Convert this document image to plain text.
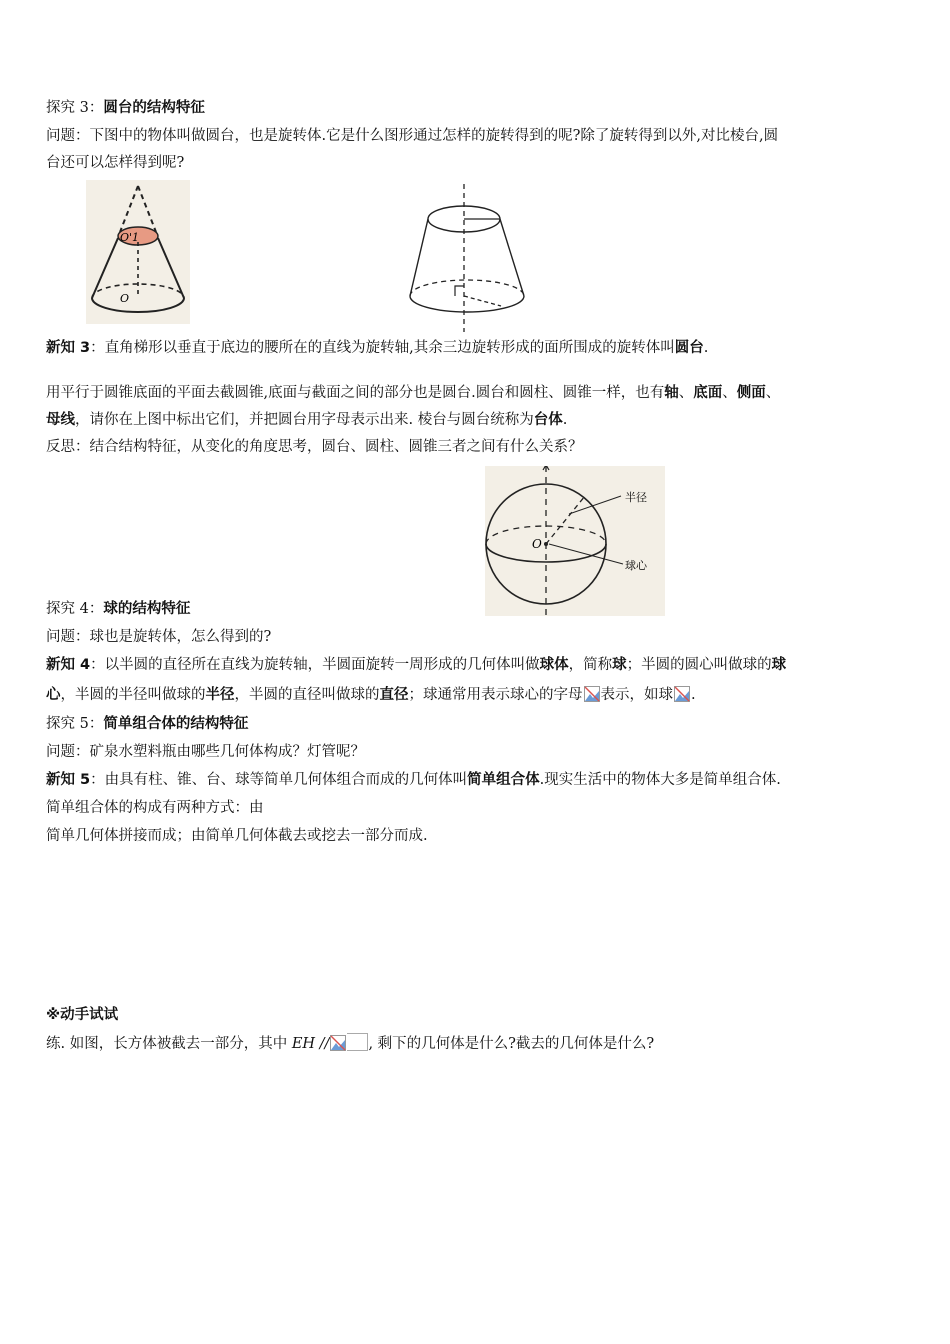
探究 3：圆台的结构特征
问题：下图中的物体叫做圆台，也是旋转体.它是什么图形通过怎样的旋转得到的呢?除了旋转得到以外,对比棱台,圆
台还可以怎样得到呢?
O'1
O
新知 3：直角梯形以垂直于底边的腰所在的直线为旋转轴,其余三边旋转形成的面所围成的旋转体叫圆台.
用平行于圆锥底面的平面去截圆锥,底面与截面之间的部分也是圆台.圆台和圆柱、圆锥一样，也有轴、底面、侧面、
母线，请你在上图中标出它们，并把圆台用字母表示出来. 棱台与圆台统称为台体.
反思：结合结构特征，从变化的角度思考，圆台、圆柱、圆锥三者之间有什么关系？
O
半径
球心
探究 4：球的结构特征
问题：球也是旋转体，怎么得到的?
新知 4：以半圆的直径所在直线为旋转轴，半圆面旋转一周形成的几何体叫做球体，简称球；半圆的圆心叫做球的球
心，半圆的半径叫做球的半径，半圆的直径叫做球的直径；球通常用表示球心的字母 表示，如球 .
探究 5：简单组合体的结构特征
问题：矿泉水塑料瓶由哪些几何体构成？灯管呢？
新知 5：由具有柱、锥、台、球等简单几何体组合而成的几何体叫简单组合体.现实生活中的物体大多是简单组合体.
简单组合体的构成有两种方式：由
简单几何体拼接而成；由简单几何体截去或挖去一部分而成.
※动手试试
练. 如图，长方体被截去一部分，其中 EH //	, 剩下的几何体是什么?截去的几何体是什么?
